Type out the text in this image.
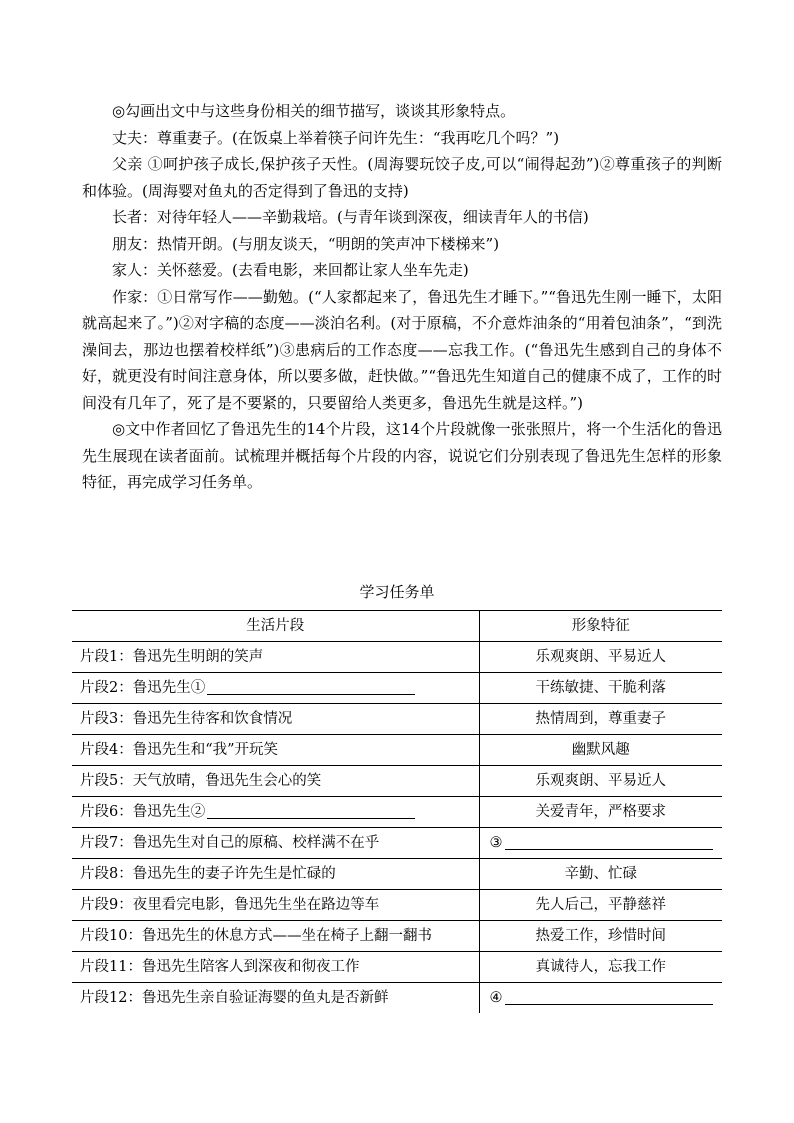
◎勾画出文中与这些身份相关的细节描写，谈谈其形象特点。

丈夫：尊重妻子。(在饭桌上举着筷子问许先生：“我再吃几个吗？”)

父亲 ①呵护孩子成长,保护孩子天性。(周海婴玩饺子皮,可以“闹得起劲”)②尊重孩子的判断和体验。(周海婴对鱼丸的否定得到了鲁迅的支持)

长者：对待年轻人——辛勤栽培。(与青年谈到深夜，细读青年人的书信)

朋友：热情开朗。(与朋友谈天，“明朗的笑声冲下楼梯来”)

家人：关怀慈爱。(去看电影，来回都让家人坐车先走)

作家：①日常写作——勤勉。(“人家都起来了，鲁迅先生才睡下。”“鲁迅先生刚一睡下，太阳就高起来了。”)②对字稿的态度——淡泊名利。(对于原稿，不介意炸油条的“用着包油条”，“到洗澡间去，那边也摆着校样纸”)③患病后的工作态度——忘我工作。(“鲁迅先生感到自己的身体不好，就更没有时间注意身体，所以要多做，赶快做。”“鲁迅先生知道自己的健康不成了，工作的时间没有几年了，死了是不要紧的，只要留给人类更多，鲁迅先生就是这样。”)

◎文中作者回忆了鲁迅先生的14个片段，这14个片段就像一张张照片，将一个生活化的鲁迅先生展现在读者面前。试梳理并概括每个片段的内容，说说它们分别表现了鲁迅先生怎样的形象特征，再完成学习任务单。

学习任务单

生活片段	形象特征
片段1：鲁迅先生明朗的笑声	乐观爽朗、平易近人
片段2：鲁迅先生①	干练敏捷、干脆利落
片段3：鲁迅先生待客和饮食情况	热情周到，尊重妻子
片段4：鲁迅先生和“我”开玩笑	幽默风趣
片段5：天气放晴，鲁迅先生会心的笑	乐观爽朗、平易近人
片段6：鲁迅先生②	关爱青年，严格要求
片段7：鲁迅先生对自己的原稿、校样满不在乎	③
片段8：鲁迅先生的妻子许先生是忙碌的	辛勤、忙碌
片段9：夜里看完电影，鲁迅先生坐在路边等车	先人后己，平静慈祥
片段10：鲁迅先生的休息方式——坐在椅子上翻一翻书	热爱工作，珍惜时间
片段11：鲁迅先生陪客人到深夜和彻夜工作	真诚待人，忘我工作
片段12：鲁迅先生亲自验证海婴的鱼丸是否新鲜	④
